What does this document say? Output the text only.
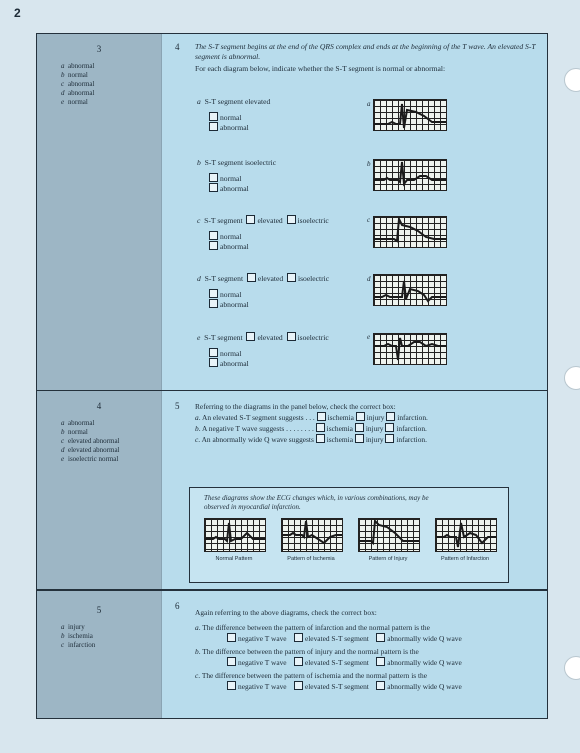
2
3
a abnormal
b normal
c abnormal
d abnormal
e normal
4 The S-T segment begins at the end of the QRS complex and ends at the beginning of the T wave. An elevated S-T segment is abnormal.
For each diagram below, indicate whether the S-T segment is normal or abnormal:
a S-T segment elevated
normal
abnormal
a
b S-T segment isoelectric
normal
abnormal
b
c S-T segment elevated isoelectric
normal
abnormal
c
d S-T segment elevated isoelectric
normal
abnormal
d
e S-T segment elevated isoelectric
normal
abnormal
e
4
a abnormal
b normal
c elevated abnormal
d elevated abnormal
e isoelectric normal
5 Referring to the diagrams in the panel below, check the correct box:
a. An elevated S-T segment suggests . . . ischemia injury infarction.
b. A negative T wave suggests . . . . . . . . ischemia injury infarction.
c. An abnormally wide Q wave suggests ischemia injury infarction.
These diagrams show the ECG changes which, in various combinations, may be observed in myocardial infarction.
Normal Pattern	Pattern of Ischemia	Pattern of Injury	Pattern of Infarction
5
a injury
b ischemia
c infarction
6
Again referring to the above diagrams, check the correct box:
a. The difference between the pattern of infarction and the normal pattern is the
negative T wave elevated S-T segment abnormally wide Q wave
b. The difference between the pattern of injury and the normal pattern is the
negative T wave elevated S-T segment abnormally wide Q wave
c. The difference between the pattern of ischemia and the normal pattern is the
negative T wave elevated S-T segment abnormally wide Q wave
